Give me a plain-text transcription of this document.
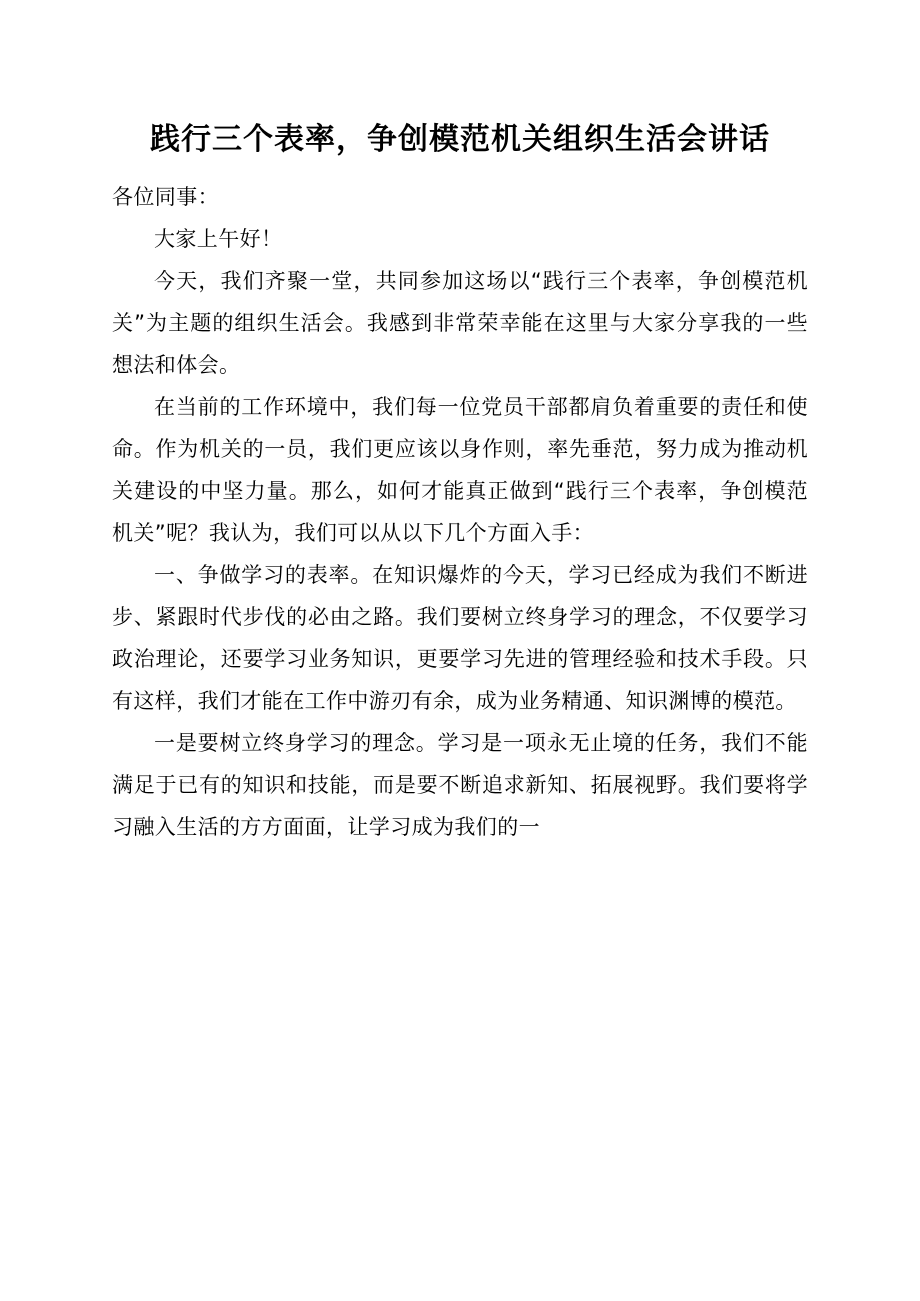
践行三个表率，争创模范机关组织生活会讲话

各位同事：

大家上午好！

今天，我们齐聚一堂，共同参加这场以“践行三个表率，争创模范机关”为主题的组织生活会。我感到非常荣幸能在这里与大家分享我的一些想法和体会。

在当前的工作环境中，我们每一位党员干部都肩负着重要的责任和使命。作为机关的一员，我们更应该以身作则，率先垂范，努力成为推动机关建设的中坚力量。那么，如何才能真正做到“践行三个表率，争创模范机关”呢？我认为，我们可以从以下几个方面入手：

一、争做学习的表率。在知识爆炸的今天，学习已经成为我们不断进步、紧跟时代步伐的必由之路。我们要树立终身学习的理念，不仅要学习政治理论，还要学习业务知识，更要学习先进的管理经验和技术手段。只有这样，我们才能在工作中游刃有余，成为业务精通、知识渊博的模范。

一是要树立终身学习的理念。学习是一项永无止境的任务，我们不能满足于已有的知识和技能，而是要不断追求新知、拓展视野。我们要将学习融入生活的方方面面，让学习成为我们的一
